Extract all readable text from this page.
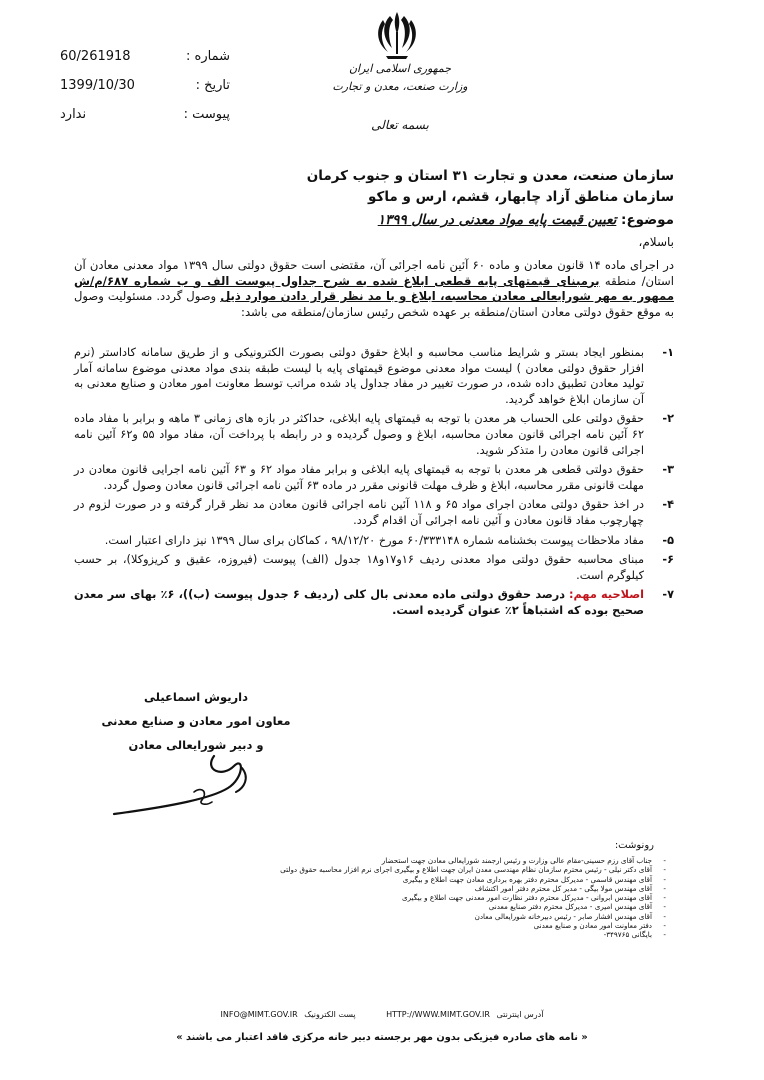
شماره :
60/261918
تاریخ :
1399/10/30
پیوست :
ندارد
جمهوری اسلامی ایران
وزارت صنعت، معدن و تجارت
بسمه تعالی
سازمان صنعت، معدن و تجارت ۳۱ استان و جنوب کرمان
سازمان مناطق آزاد چابهار، قشم، ارس و ماکو
موضوع: تعیین قیمت پایه مواد معدنی در سال ۱۳۹۹
باسلام،
در اجرای ماده ۱۴ قانون معادن و ماده ۶۰ آئین نامه اجرائی آن، مقتضی است حقوق دولتی سال ۱۳۹۹ مواد معدنی معادن آن استان/ منطقه برمبنای قیمتهای پایه قطعی ابلاغ شده به شرح جداول پیوست الف و ب شماره ۶۸۷/م/ش ممهور به مهر شورایعالی معادن محاسبه، ابلاغ و با مد نظر قرار دادن موارد ذیل وصول گردد. مسئولیت وصول به موقع حقوق دولتی معادن استان/منطقه بر عهده شخص رئیس سازمان/منطقه می باشد:
۱-
بمنظور ایجاد بستر و شرایط مناسب محاسبه و ابلاغ حقوق دولتی بصورت الکترونیکی و از طریق سامانه کاداستر (نرم افزار حقوق دولتی معادن ) لیست مواد معدنی موضوع قیمتهای پایه با لیست طبقه بندی مواد معدنی موضوع سامانه آمار تولید معادن تطبیق داده شده، در صورت تغییر در مفاد جداول یاد شده مراتب توسط معاونت امور معادن و صنایع معدنی به آن سازمان ابلاغ خواهد گردید.
۲-
حقوق دولتی علی الحساب هر معدن با توجه به قیمتهای پایه ابلاغی، حداکثر در بازه های زمانی ۳ ماهه و برابر با مفاد ماده ۶۲ آئین نامه اجرائی قانون معادن محاسبه، ابلاغ و وصول گردیده و در رابطه با پرداخت آن، مفاد مواد ۵۵ و۶۲ آئین نامه اجرائی قانون معادن را متذکر شوید.
۳-
حقوق دولتی قطعی هر معدن با توجه به قیمتهای پایه ابلاغی و برابر مفاد مواد ۶۲ و ۶۳ آئین نامه اجرایی قانون معادن در مهلت قانونی مقرر محاسبه، ابلاغ و ظرف مهلت قانونی مقرر در ماده ۶۳ آئین نامه اجرائی قانون معادن وصول گردد.
۴-
در اخذ حقوق دولتی معادن اجرای مواد ۶۵ و ۱۱۸ آئین نامه اجرائی قانون معادن مد نظر قرار گرفته و در صورت لزوم در چهارچوب مفاد قانون معادن و آئین نامه اجرائی آن اقدام گردد.
۵-
مفاد ملاحظات پیوست بخشنامه شماره ۶۰/۳۳۳۱۴۸ مورخ ۹۸/۱۲/۲۰ ، کماکان برای سال ۱۳۹۹ نیز دارای اعتبار است.
۶-
مبنای محاسبه حقوق دولتی مواد معدنی ردیف ۱۶و۱۷و۱۸ جدول (الف) پیوست (فیروزه، عقیق و کریزوکلا)، بر حسب کیلوگرم است.
۷-
اصلاحیه مهم: درصد حقوق دولتی ماده معدنی بال کلی (ردیف ۶ جدول پیوست (ب))، ۶٪ بهای سر معدن صحیح بوده که اشتباهاً ۲٪ عنوان گردیده است.
داریوش اسماعیلی
معاون امور معادن و صنایع معدنی
و دبیر شورایعالی معادن
رونوشت:
- جناب آقای رزم حسینی-مقام عالی وزارت و رئیس ارجمند شورایعالی معادن جهت استحضار
- آقای دکتر نیلی - رئیس محترم سازمان نظام مهندسی معدن ایران جهت اطلاع و بیگیری اجرای نرم افزار محاسبه حقوق دولتی
- آقای مهندس قاسمی - مدیرکل محترم دفتر بهره برداری معادن جهت اطلاع و بیگیری
- آقای مهندس مولا بیگی - مدیر کل محترم دفتر امور اکتشاف
- آقای مهندس ابروانی - مدیرکل محترم دفتر نظارت امور معدنی جهت اطلاع و بیگیری
- آقای مهندس امیری - مدیرکل محترم دفتر صنایع معدنی
- آقای مهندس افشار صابر - رئیس دبیرخانه شورایعالی معادن
- دفتر معاونت امور معادن و صنایع معدنی
- بایگانی ۳۴۹۷۶۵-
آدرس اینترنتی HTTP://WWW.MIMT.GOV.IR پست الکترونیک INFO@MIMT.GOV.IR
« نامه های صادره فیزیکی بدون مهر برجسته دبیر خانه مرکزی فاقد اعتبار می باشند »
